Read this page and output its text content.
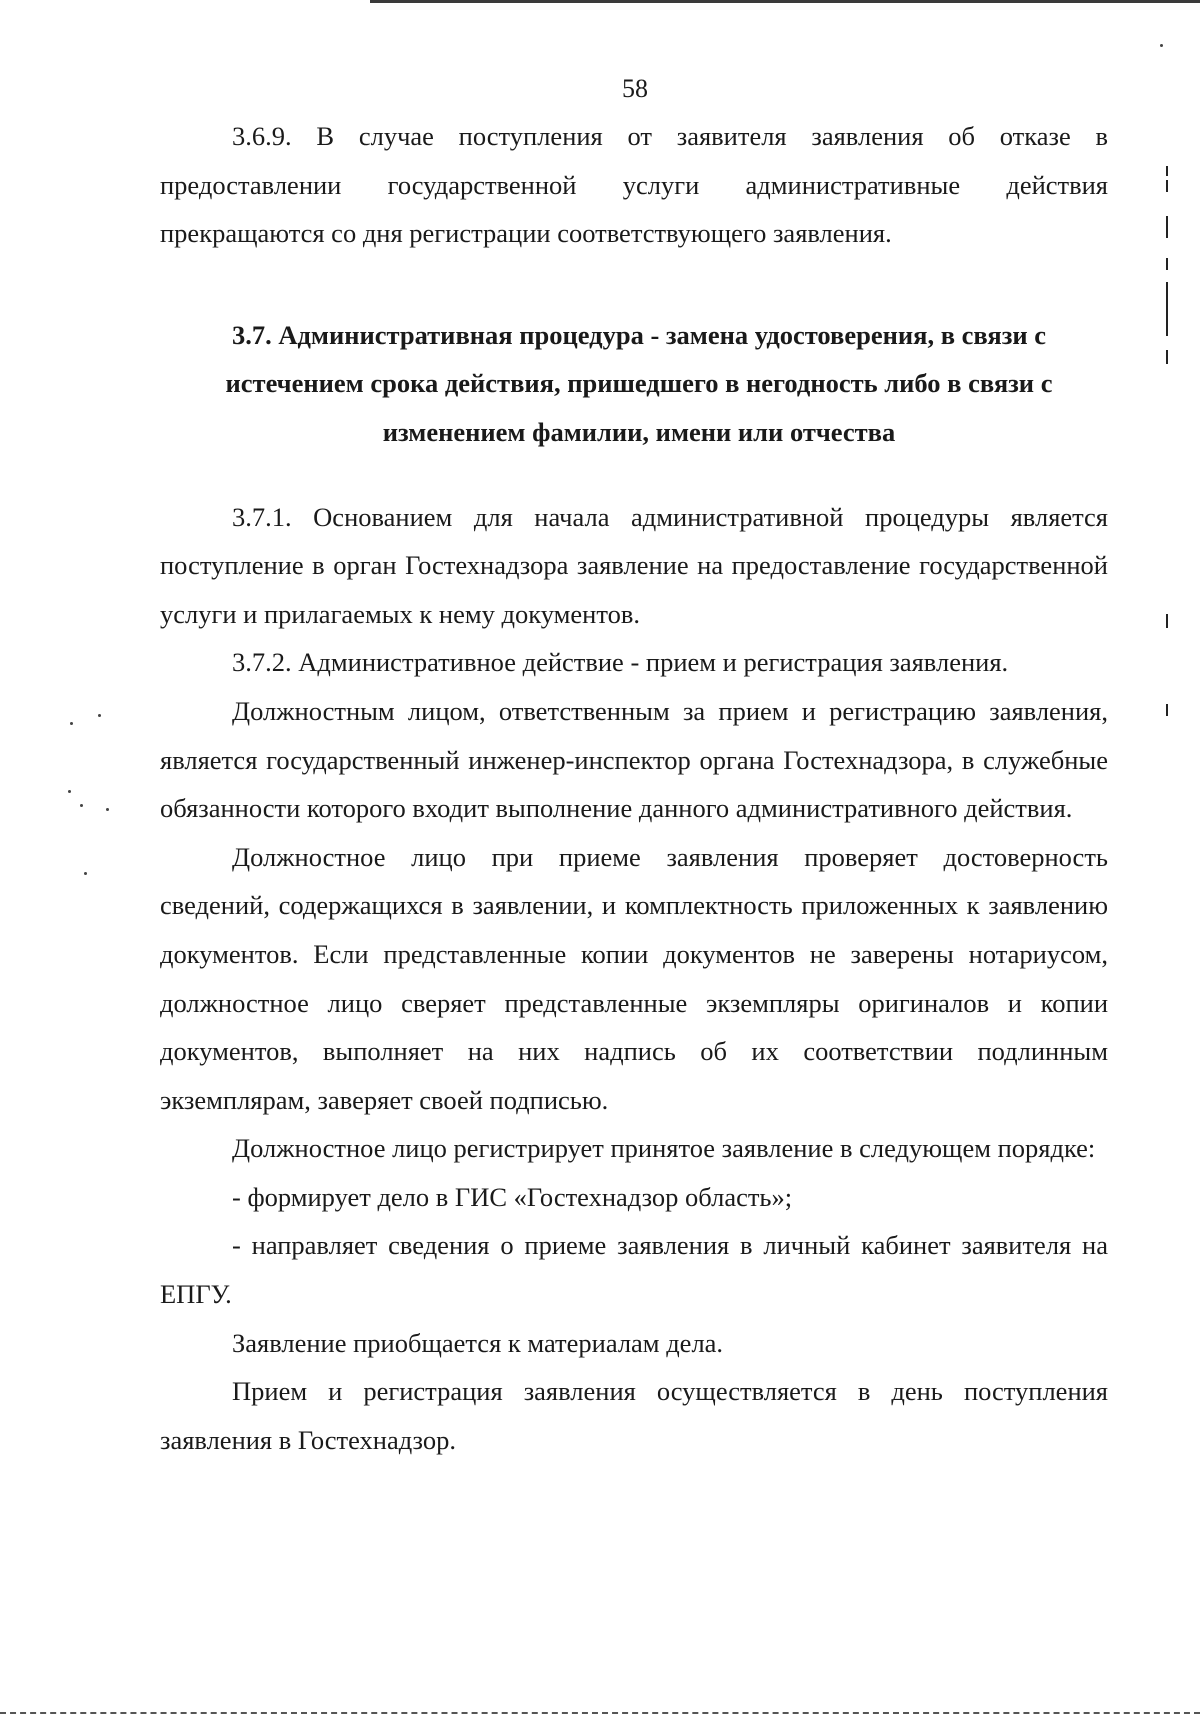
58

3.6.9. В случае поступления от заявителя заявления об отказе в предоставлении государственной услуги административные действия прекращаются со дня регистрации соответствующего заявления.

3.7. Административная процедура - замена удостоверения, в связи с истечением срока действия, пришедшего в негодность либо в связи с изменением фамилии, имени или отчества

3.7.1. Основанием для начала административной процедуры является поступление в орган Гостехнадзора заявление на предоставление государственной услуги и прилагаемых к нему документов.

3.7.2. Административное действие - прием и регистрация заявления.

Должностным лицом, ответственным за прием и регистрацию заявления, является государственный инженер-инспектор органа Гостехнадзора, в служебные обязанности которого входит выполнение данного административного действия.

Должностное лицо при приеме заявления проверяет достоверность сведений, содержащихся в заявлении, и комплектность приложенных к заявлению документов. Если представленные копии документов не заверены нотариусом, должностное лицо сверяет представленные экземпляры оригиналов и копии документов, выполняет на них надпись об их соответствии подлинным экземплярам, заверяет своей подписью.

Должностное лицо регистрирует принятое заявление в следующем порядке:

- формирует дело в ГИС «Гостехнадзор область»;

- направляет сведения о приеме заявления в личный кабинет заявителя на ЕПГУ.

Заявление приобщается к материалам дела.

Прием и регистрация заявления осуществляется в день поступления заявления в Гостехнадзор.
